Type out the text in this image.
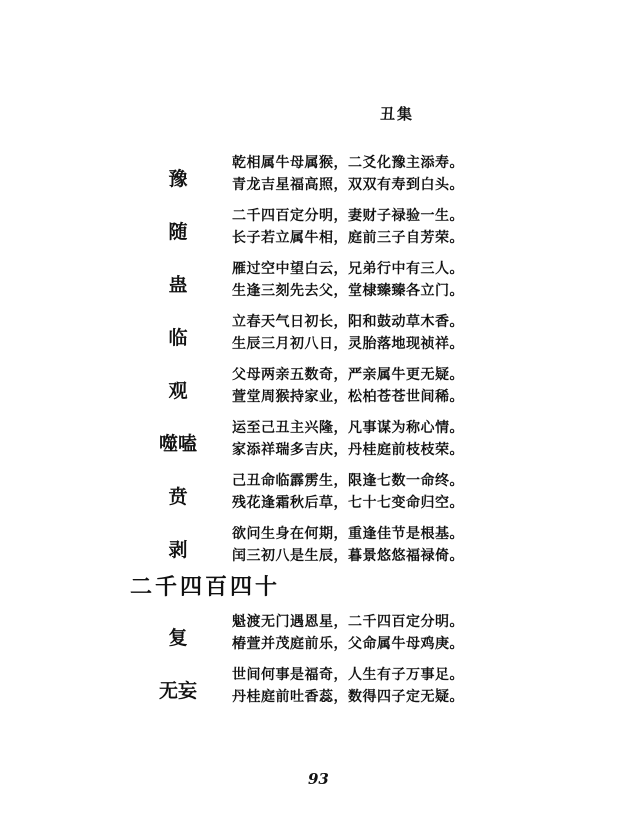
丑集
豫
乾相属牛母属猴，二爻化豫主添寿。
青龙吉星福高照，双双有寿到白头。
随
二千四百定分明，妻财子禄验一生。
长子若立属牛相，庭前三子自芳荣。
蛊
雁过空中望白云，兄弟行中有三人。
生逢三刻先去父，堂棣臻臻各立门。
临
立春天气日初长，阳和鼓动草木香。
生辰三月初八日，灵胎落地现祯祥。
观
父母两亲五数奇，严亲属牛更无疑。
萱堂周猴持家业，松柏苍苍世间稀。
噬嗑
运至己丑主兴隆，凡事谋为称心情。
家添祥瑞多吉庆，丹桂庭前枝枝荣。
贲
己丑命临霹雳生，限逢七数一命终。
残花逢霜秋后草，七十七变命归空。
剥
欲问生身在何期，重逢佳节是根基。
闰三初八是生辰，暮景悠悠福禄倚。
二千四百四十
复
魁渡无门遇恩星，二千四百定分明。
椿萱并茂庭前乐，父命属牛母鸡庚。
无妄
世间何事是福奇，人生有子万事足。
丹桂庭前吐香蕊，数得四子定无疑。
93
